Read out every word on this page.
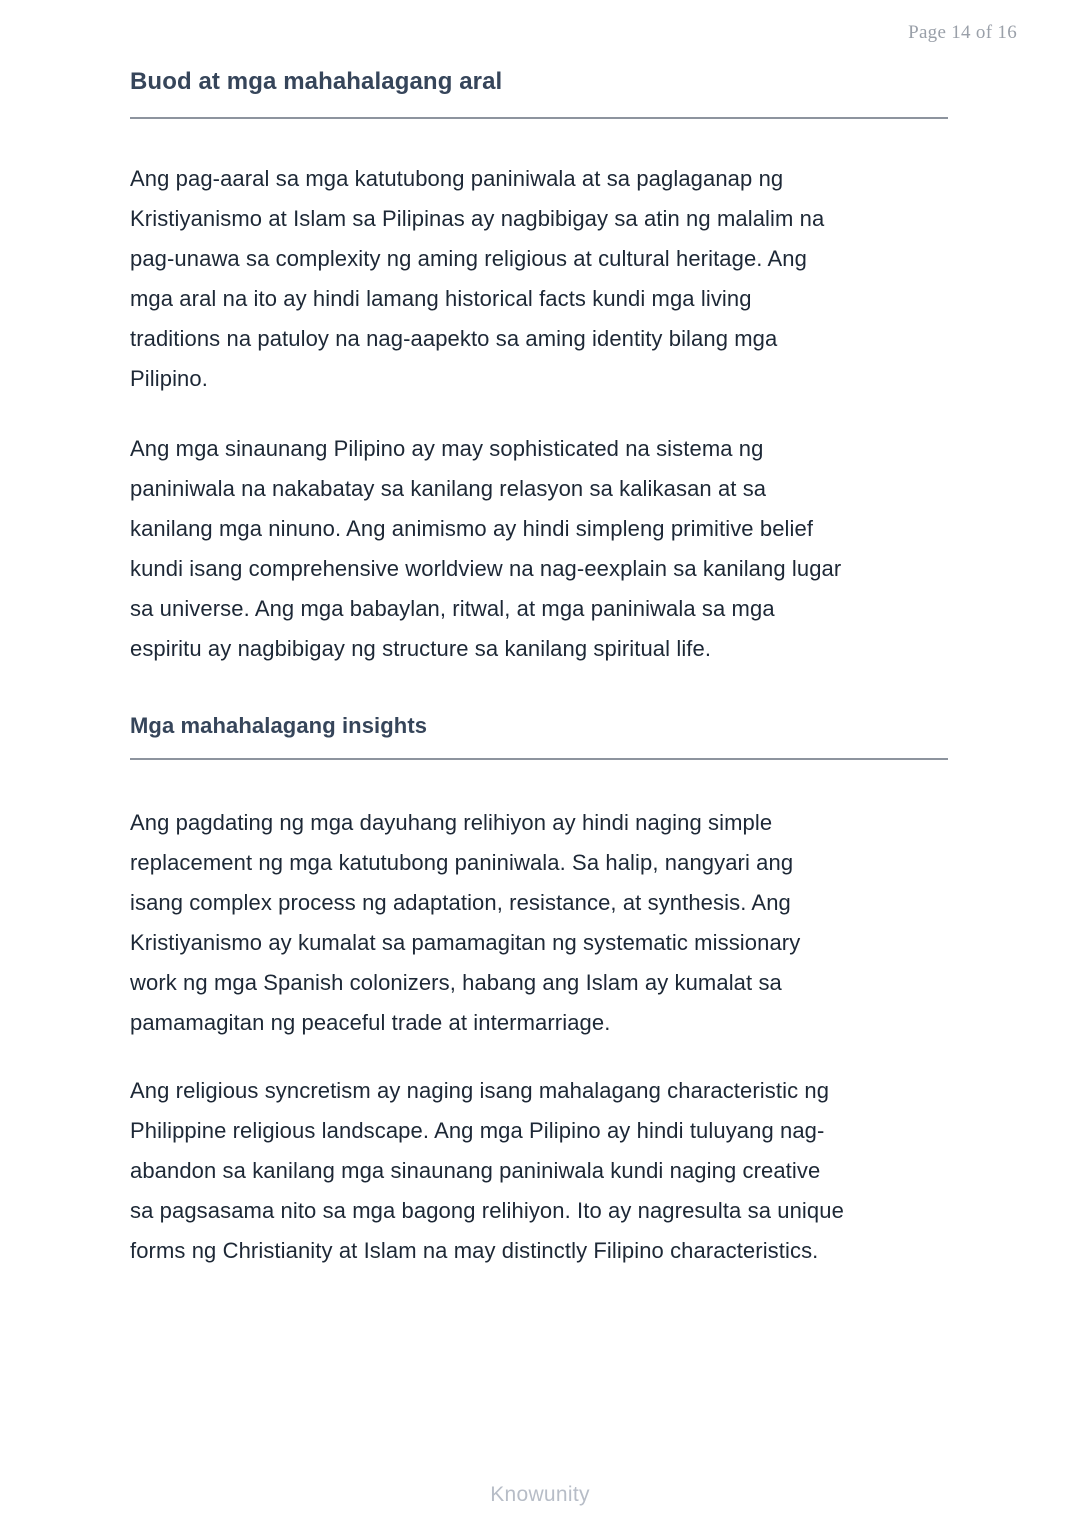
Page 14 of 16
Buod at mga mahahalagang aral

Ang pag-aaral sa mga katutubong paniniwala at sa paglaganap ng
Kristiyanismo at Islam sa Pilipinas ay nagbibigay sa atin ng malalim na
pag-unawa sa complexity ng aming religious at cultural heritage. Ang
mga aral na ito ay hindi lamang historical facts kundi mga living
traditions na patuloy na nag-aapekto sa aming identity bilang mga
Pilipino.

Ang mga sinaunang Pilipino ay may sophisticated na sistema ng
paniniwala na nakabatay sa kanilang relasyon sa kalikasan at sa
kanilang mga ninuno. Ang animismo ay hindi simpleng primitive belief
kundi isang comprehensive worldview na nag-eexplain sa kanilang lugar
sa universe. Ang mga babaylan, ritwal, at mga paniniwala sa mga
espiritu ay nagbibigay ng structure sa kanilang spiritual life.

Mga mahahalagang insights

Ang pagdating ng mga dayuhang relihiyon ay hindi naging simple
replacement ng mga katutubong paniniwala. Sa halip, nangyari ang
isang complex process ng adaptation, resistance, at synthesis. Ang
Kristiyanismo ay kumalat sa pamamagitan ng systematic missionary
work ng mga Spanish colonizers, habang ang Islam ay kumalat sa
pamamagitan ng peaceful trade at intermarriage.

Ang religious syncretism ay naging isang mahalagang characteristic ng
Philippine religious landscape. Ang mga Pilipino ay hindi tuluyang nag-
abandon sa kanilang mga sinaunang paniniwala kundi naging creative
sa pagsasama nito sa mga bagong relihiyon. Ito ay nagresulta sa unique
forms ng Christianity at Islam na may distinctly Filipino characteristics.

Knowunity
